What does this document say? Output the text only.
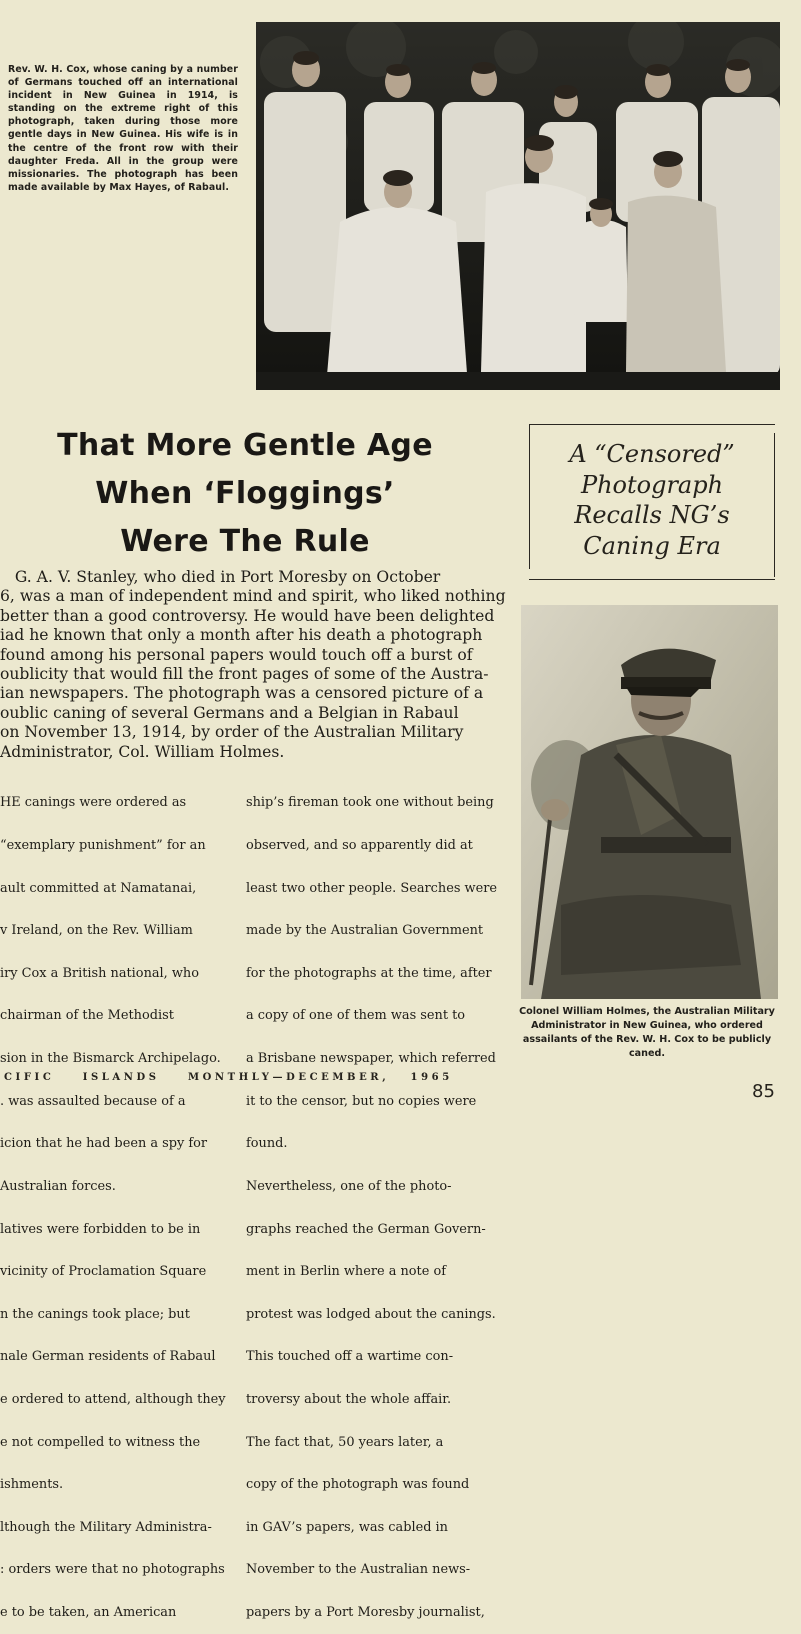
Rev. W. H. Cox, whose caning by a number of Germans touched off an international incident in New Guinea in 1914, is standing on the extreme right of this photograph, taken during those more gentle days in New Guinea. His wife is in the centre of the front row with their daughter Freda. All in the group were missionaries. The photograph has been made available by Max Hayes, of Rabaul.
That More Gentle Age
When ‘Floggings’
Were The Rule
A “Censored”
Photograph
Recalls NG’s
Caning Era
G. A. V. Stanley, who died in Port Moresby on October
6, was a man of independent mind and spirit, who liked nothing
better than a good controversy. He would have been delighted
iad he known that only a month after his death a photograph
found among his personal papers would touch off a burst of
oublicity that would fill the front pages of some of the Austra-
ian newspapers. The photograph was a censored picture of a
oublic caning of several Germans and a Belgian in Rabaul
on November 13, 1914, by order of the Australian Military
Administrator, Col. William Holmes.

HE canings were ordered as

“exemplary punishment” for an

ault committed at Namatanai,

v Ireland, on the Rev. William

iry Cox a British national, who

chairman of the Methodist

sion in the Bismarck Archipelago.

. was assaulted because of a

icion that he had been a spy for

Australian forces.

latives were forbidden to be in

vicinity of Proclamation Square

n the canings took place; but

nale German residents of Rabaul

e ordered to attend, although they

e not compelled to witness the

ishments.

lthough the Military Administra-

: orders were that no photographs

e to be taken, an American

ship’s fireman took one without being

observed, and so apparently did at

least two other people. Searches were

made by the Australian Government

for the photographs at the time, after

a copy of one of them was sent to

a Brisbane newspaper, which referred

it to the censor, but no copies were

found.

Nevertheless, one of the photo-

graphs reached the German Govern-

ment in Berlin where a note of

protest was lodged about the canings.

This touched off a wartime con-

troversy about the whole affair.

The fact that, 50 years later, a

copy of the photograph was found

in GAV’s papers, was cabled in

November to the Australian news-

papers by a Port Moresby journalist,

Colonel William Holmes, the Australian Military Administrator in New Guinea, who ordered assailants of the Rev. W. H. Cox to be publicly caned.
CIFIC    ISLANDS    MONTHLY—DECEMBER,   1965
85
